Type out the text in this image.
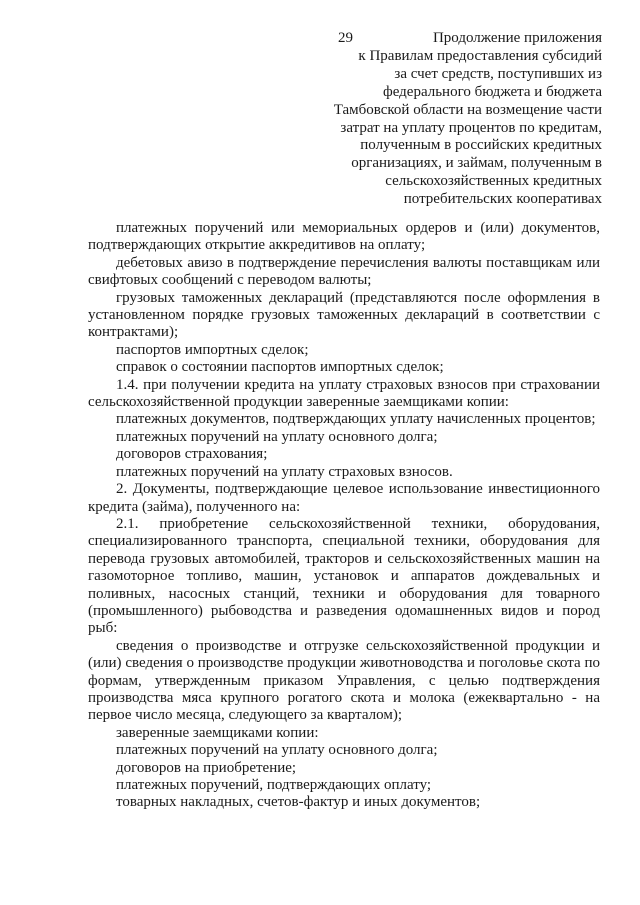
29	Продолжение приложения
к Правилам предоставления субсидий
за счет средств, поступивших из
федерального бюджета и бюджета
Тамбовской области на возмещение части
затрат на уплату процентов по кредитам,
полученным в российских кредитных
организациях, и займам, полученным в
сельскохозяйственных кредитных
потребительских кооперативах

платежных поручений или мемориальных ордеров и (или) документов, подтверждающих открытие аккредитивов на оплату;

дебетовых авизо в подтверждение перечисления валюты поставщикам или свифтовых сообщений с переводом валюты;

грузовых таможенных деклараций (представляются после оформления в установленном порядке грузовых таможенных деклараций в соответствии с контрактами);

паспортов импортных сделок;

справок о состоянии паспортов импортных сделок;

1.4. при получении кредита на уплату страховых взносов при страховании сельскохозяйственной продукции заверенные заемщиками копии:

платежных документов, подтверждающих уплату начисленных процентов;

платежных поручений на уплату основного долга;

договоров страхования;

платежных поручений на уплату страховых взносов.

2. Документы, подтверждающие целевое использование инвестиционного кредита (займа), полученного на:

2.1. приобретение сельскохозяйственной техники, оборудования, специализированного транспорта, специальной техники, оборудования для перевода грузовых автомобилей, тракторов и сельскохозяйственных машин на газомоторное топливо, машин, установок и аппаратов дождевальных и поливных, насосных станций, техники и оборудования для товарного (промышленного) рыбоводства и разведения одомашненных видов и пород рыб:

сведения о производстве и отгрузке сельскохозяйственной продукции и (или) сведения о производстве продукции животноводства и поголовье скота по формам, утвержденным приказом Управления, с целью подтверждения производства мяса крупного рогатого скота и молока (ежеквартально - на первое число месяца, следующего за кварталом);

заверенные заемщиками копии:

платежных поручений на уплату основного долга;

договоров на приобретение;

платежных поручений, подтверждающих оплату;

товарных накладных, счетов-фактур и иных документов;
